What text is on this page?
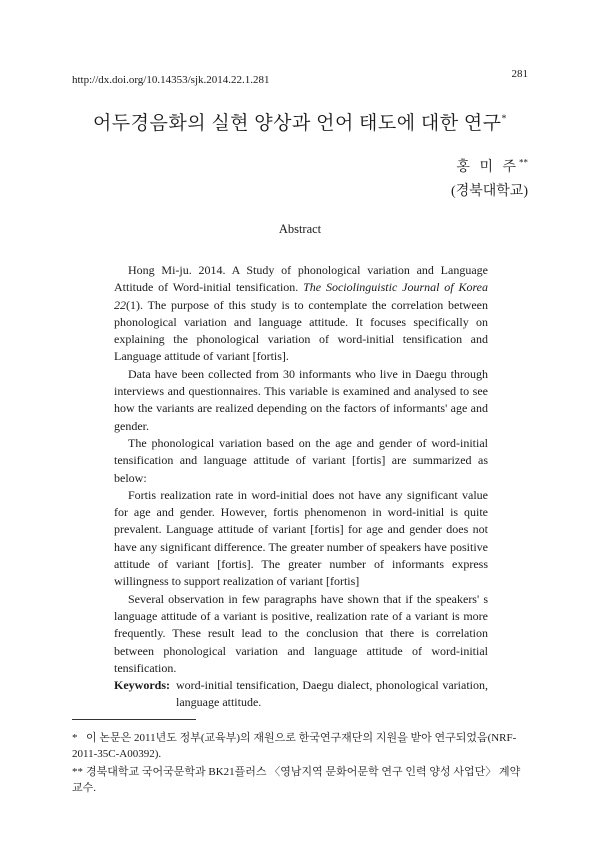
http://dx.doi.org/10.14353/sjk.2014.22.1.281	281
어두경음화의 실현 양상과 언어 태도에 대한 연구*
홍 미 주**
(경북대학교)
Abstract

Hong Mi-ju. 2014. A Study of phonological variation and Language Attitude of Word-initial tensification. The Sociolinguistic Journal of Korea 22(1). The purpose of this study is to contemplate the correlation between phonological variation and language attitude. It focuses specifically on explaining the phonological variation of word-initial tensification and Language attitude of variant [fortis].

Data have been collected from 30 informants who live in Daegu through interviews and questionnaires. This variable is examined and analysed to see how the variants are realized depending on the factors of informants' age and gender.

The phonological variation based on the age and gender of word-initial tensification and language attitude of variant [fortis] are summarized as below:

Fortis realization rate in word-initial does not have any significant value for age and gender. However, fortis phenomenon in word-initial is quite prevalent. Language attitude of variant [fortis] for age and gender does not have any significant difference. The greater number of speakers have positive attitude of variant [fortis]. The greater number of informants express willingness to support realization of variant [fortis]

Several observation in few paragraphs have shown that if the speakers' s language attitude of a variant is positive, realization rate of a variant is more frequently. These result lead to the conclusion that there is correlation between phonological variation and language attitude of word-initial tensification.

Keywords: word-initial tensification, Daegu dialect, phonological variation, language attitude.
* 이 논문은 2011년도 정부(교육부)의 재원으로 한국연구재단의 지원을 받아 연구되었음(NRF-2011-35C-A00392).
** 경북대학교 국어국문학과 BK21플러스 〈영남지역 문화어문학 연구 인력 양성 사업단〉 계약교수.
